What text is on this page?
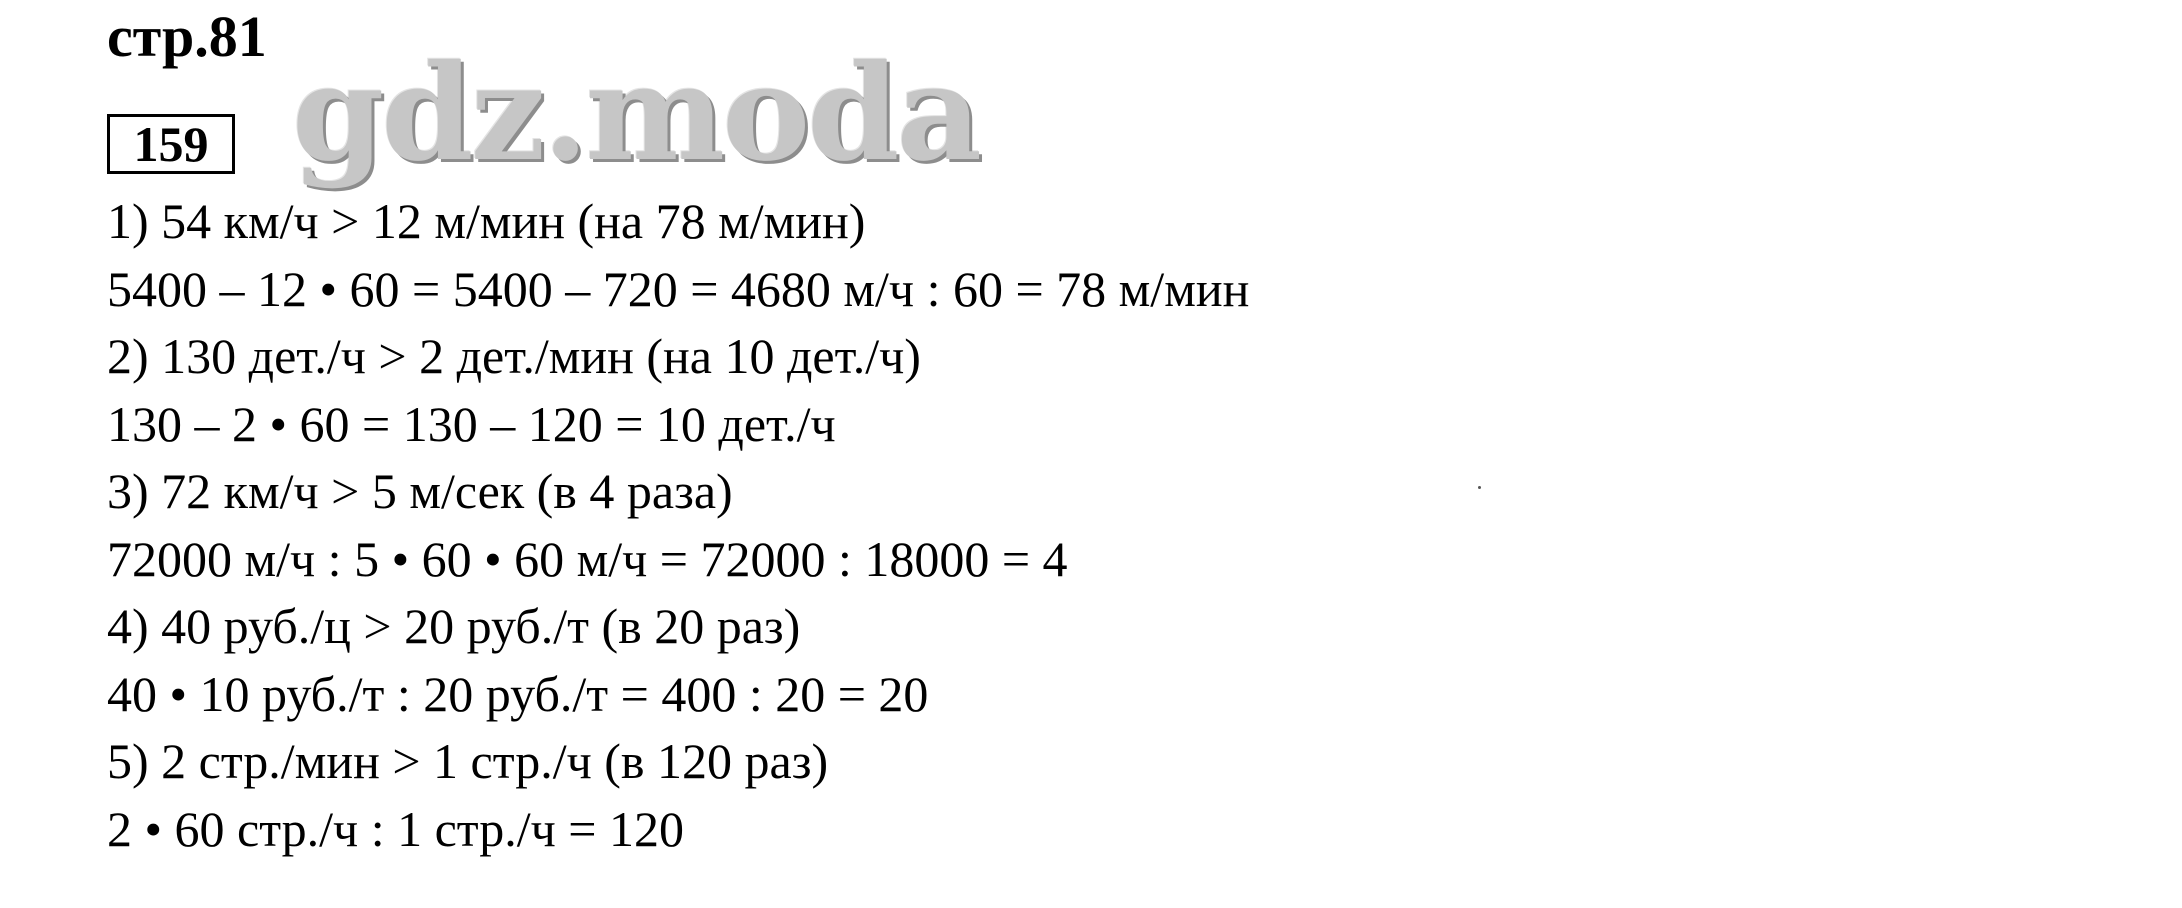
стр.81
159 gdz.moda
1) 54 км/ч > 12 м/мин (на 78 м/мин)
5400 – 12 • 60 = 5400 – 720 = 4680 м/ч : 60 = 78 м/мин
2) 130 дет./ч > 2 дет./мин (на 10 дет./ч)
130 – 2 • 60 = 130 – 120 = 10 дет./ч
3) 72 км/ч > 5 м/сек (в 4 раза)
72000 м/ч : 5 • 60 • 60 м/ч = 72000 : 18000 = 4
4) 40 руб./ц > 20 руб./т (в 20 раз)
40 • 10 руб./т : 20 руб./т = 400 : 20 = 20
5) 2 стр./мин > 1 стр./ч (в 120 раз)
2 • 60 стр./ч : 1 стр./ч = 120
